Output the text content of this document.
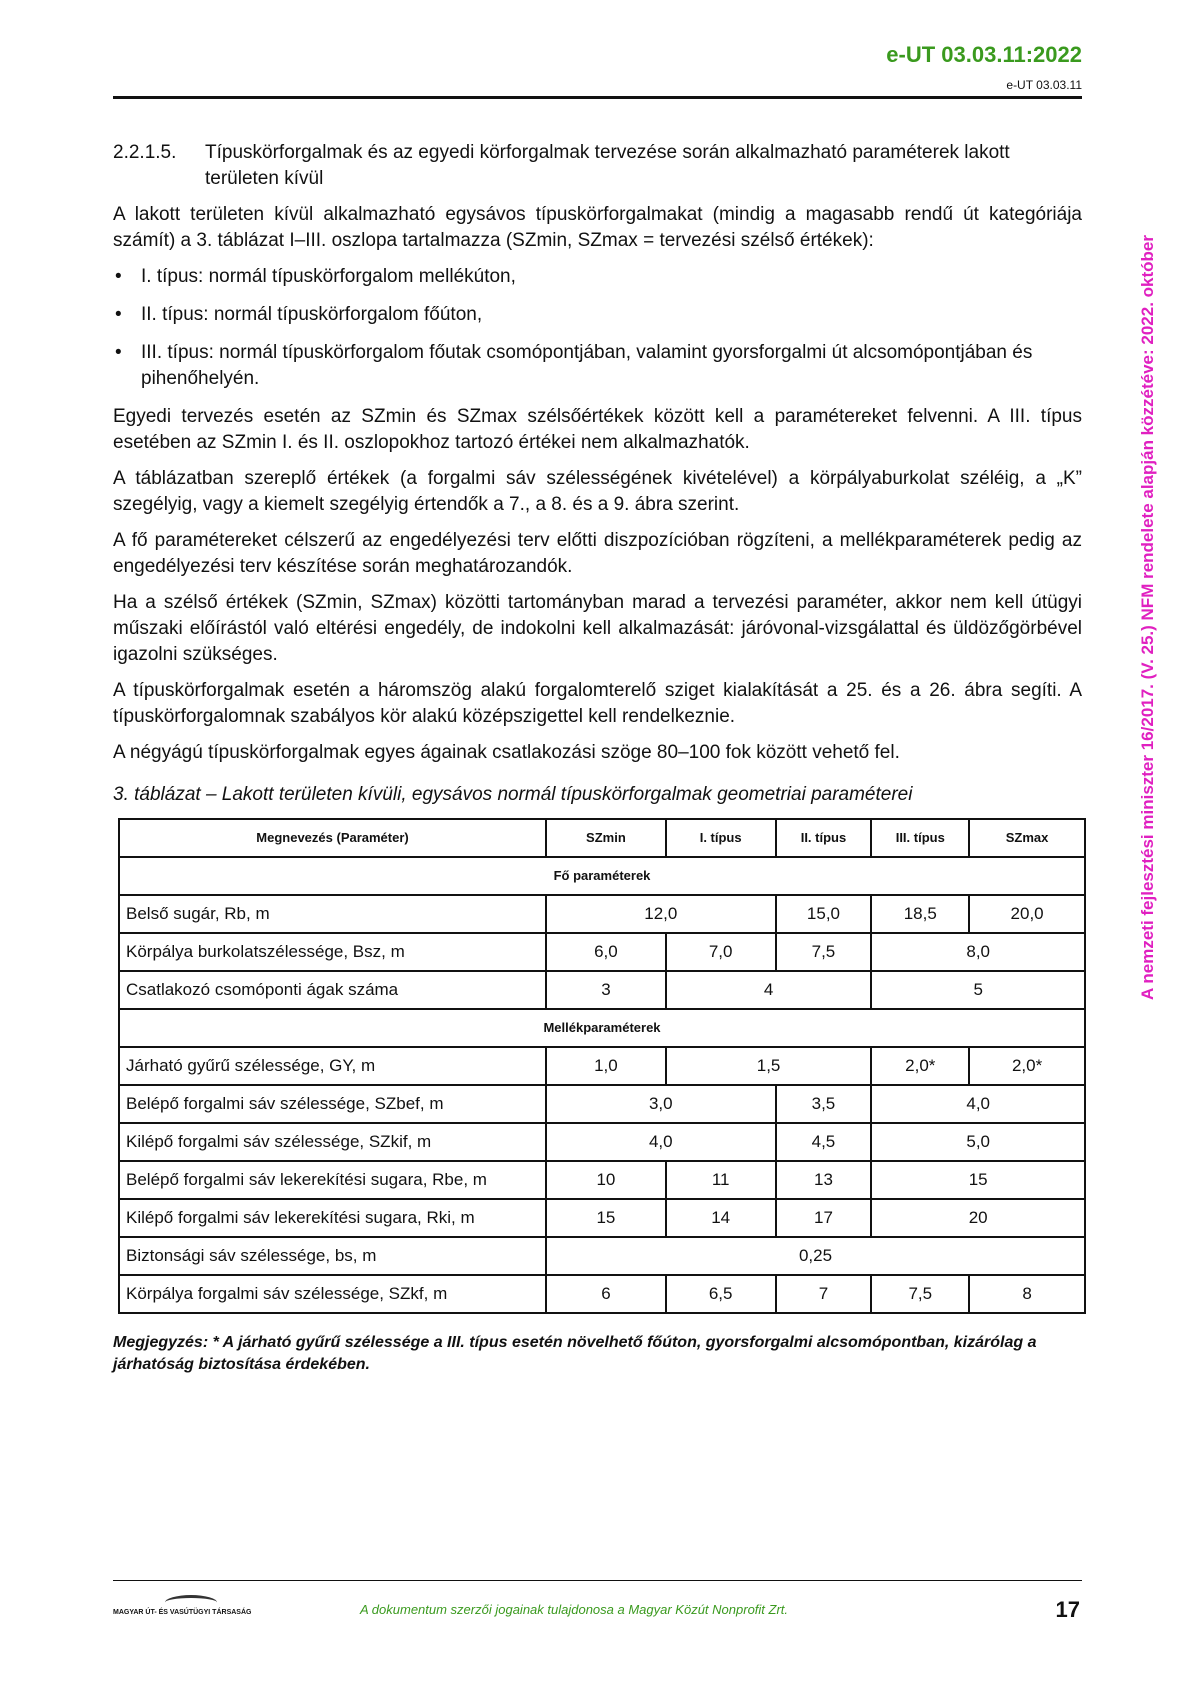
e-UT 03.03.11:2022
e-UT 03.03.11
A nemzeti fejlesztési miniszter 16/2017. (V. 25.) NFM rendelete alapján közzétéve: 2022. október
2.2.1.5.	Típuskörforgalmak és az egyedi körforgalmak tervezése során alkalmazható paraméterek lakott területen kívül

A lakott területen kívül alkalmazható egysávos típuskörforgalmakat (mindig a magasabb rendű út kategóriája számít) a 3. táblázat I–III. oszlopa tartalmazza (SZmin, SZmax = tervezési szélső értékek):

• I. típus: normál típuskörforgalom mellékúton,
• II. típus: normál típuskörforgalom főúton,
• III. típus: normál típuskörforgalom főutak csomópontjában, valamint gyorsforgalmi út alcsomópontjában és pihenőhelyén.

Egyedi tervezés esetén az SZmin és SZmax szélsőértékek között kell a paramétereket felvenni. A III. típus esetében az SZmin I. és II. oszlopokhoz tartozó értékei nem alkalmazhatók.

A táblázatban szereplő értékek (a forgalmi sáv szélességének kivételével) a körpályaburkolat széléig, a „K” szegélyig, vagy a kiemelt szegélyig értendők a 7., a 8. és a 9. ábra szerint.

A fő paramétereket célszerű az engedélyezési terv előtti diszpozícióban rögzíteni, a mellékparaméterek pedig az engedélyezési terv készítése során meghatározandók.

Ha a szélső értékek (SZmin, SZmax) közötti tartományban marad a tervezési paraméter, akkor nem kell útügyi műszaki előírástól való eltérési engedély, de indokolni kell alkalmazását: járóvonal-vizsgálattal és üldözőgörbével igazolni szükséges.

A típuskörforgalmak esetén a háromszög alakú forgalomterelő sziget kialakítását a 25. és a 26. ábra segíti. A típuskörforgalomnak szabályos kör alakú középszigettel kell rendelkeznie.

A négyágú típuskörforgalmak egyes ágainak csatlakozási szöge 80–100 fok között vehető fel.

3. táblázat – Lakott területen kívüli, egysávos normál típuskörforgalmak geometriai paraméterei
Megnevezés (Paraméter)	SZmin	I. típus	II. típus	III. típus	SZmax
Fő paraméterek					
Belső sugár, Rb, m	12,0		15,0	18,5	20,0
Körpálya burkolatszélessége, Bsz, m	6,0	7,0	7,5	8,0	
Csatlakozó csomóponti ágak száma	3	4		5	
Mellékparaméterek					
Járható gyűrű szélessége, GY, m	1,0	1,5		2,0*	2,0*
Belépő forgalmi sáv szélessége, SZbef, m	3,0		3,5	4,0	
Kilépő forgalmi sáv szélessége, SZkif, m	4,0		4,5	5,0	
Belépő forgalmi sáv lekerekítési sugara, Rbe, m	10	11	13	15	
Kilépő forgalmi sáv lekerekítési sugara, Rki, m	15	14	17	20	
Biztonsági sáv szélessége, bs, m	0,25				
Körpálya forgalmi sáv szélessége, SZkf, m	6	6,5	7	7,5	8
Megjegyzés: * A járható gyűrű szélessége a III. típus esetén növelhető főúton, gyorsforgalmi alcsomópontban, kizárólag a járhatóság biztosítása érdekében.
MAGYAR ÚT- ÉS VASÚTÜGYI TÁRSASÁG	A dokumentum szerzői jogainak tulajdonosa a Magyar Közút Nonprofit Zrt.	17
